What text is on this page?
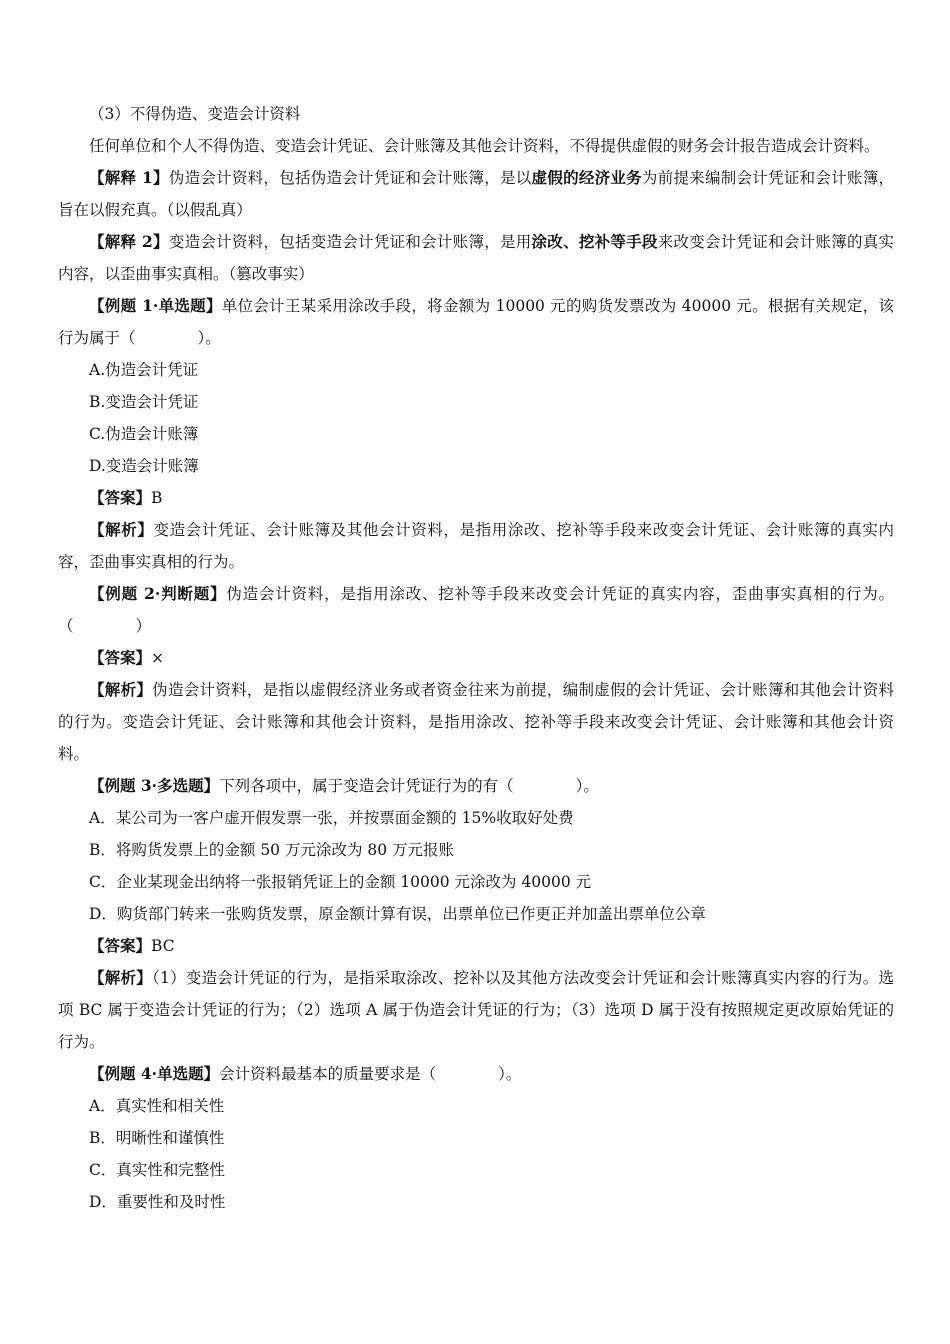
（3）不得伪造、变造会计资料

任何单位和个人不得伪造、变造会计凭证、会计账簿及其他会计资料，不得提供虚假的财务会计报告造成会计资料。

【解释 1】伪造会计资料，包括伪造会计凭证和会计账簿，是以虚假的经济业务为前提来编制会计凭证和会计账簿，旨在以假充真。（以假乱真）

【解释 2】变造会计资料，包括变造会计凭证和会计账簿，是用涂改、挖补等手段来改变会计凭证和会计账簿的真实内容，以歪曲事实真相。（篡改事实）

【例题 1·单选题】单位会计王某采用涂改手段，将金额为 10000 元的购货发票改为 40000 元。根据有关规定，该行为属于（　　　　）。

A.伪造会计凭证

B.变造会计凭证

C.伪造会计账簿

D.变造会计账簿

【答案】B

【解析】变造会计凭证、会计账簿及其他会计资料，是指用涂改、挖补等手段来改变会计凭证、会计账簿的真实内容，歪曲事实真相的行为。

【例题 2·判断题】伪造会计资料，是指用涂改、挖补等手段来改变会计凭证的真实内容，歪曲事实真相的行为。（　　　　）

【答案】×

【解析】伪造会计资料，是指以虚假经济业务或者资金往来为前提，编制虚假的会计凭证、会计账簿和其他会计资料的行为。变造会计凭证、会计账簿和其他会计资料，是指用涂改、挖补等手段来改变会计凭证、会计账簿和其他会计资料。

【例题 3·多选题】下列各项中，属于变造会计凭证行为的有（　　　　）。

A．某公司为一客户虚开假发票一张，并按票面金额的 15%收取好处费

B．将购货发票上的金额 50 万元涂改为 80 万元报账

C．企业某现金出纳将一张报销凭证上的金额 10000 元涂改为 40000 元

D．购货部门转来一张购货发票，原金额计算有误，出票单位已作更正并加盖出票单位公章

【答案】BC

【解析】（1）变造会计凭证的行为，是指采取涂改、挖补以及其他方法改变会计凭证和会计账簿真实内容的行为。选项 BC 属于变造会计凭证的行为；（2）选项 A 属于伪造会计凭证的行为；（3）选项 D 属于没有按照规定更改原始凭证的行为。

【例题 4·单选题】会计资料最基本的质量要求是（　　　　）。

A．真实性和相关性

B．明晰性和谨慎性

C．真实性和完整性

D．重要性和及时性
